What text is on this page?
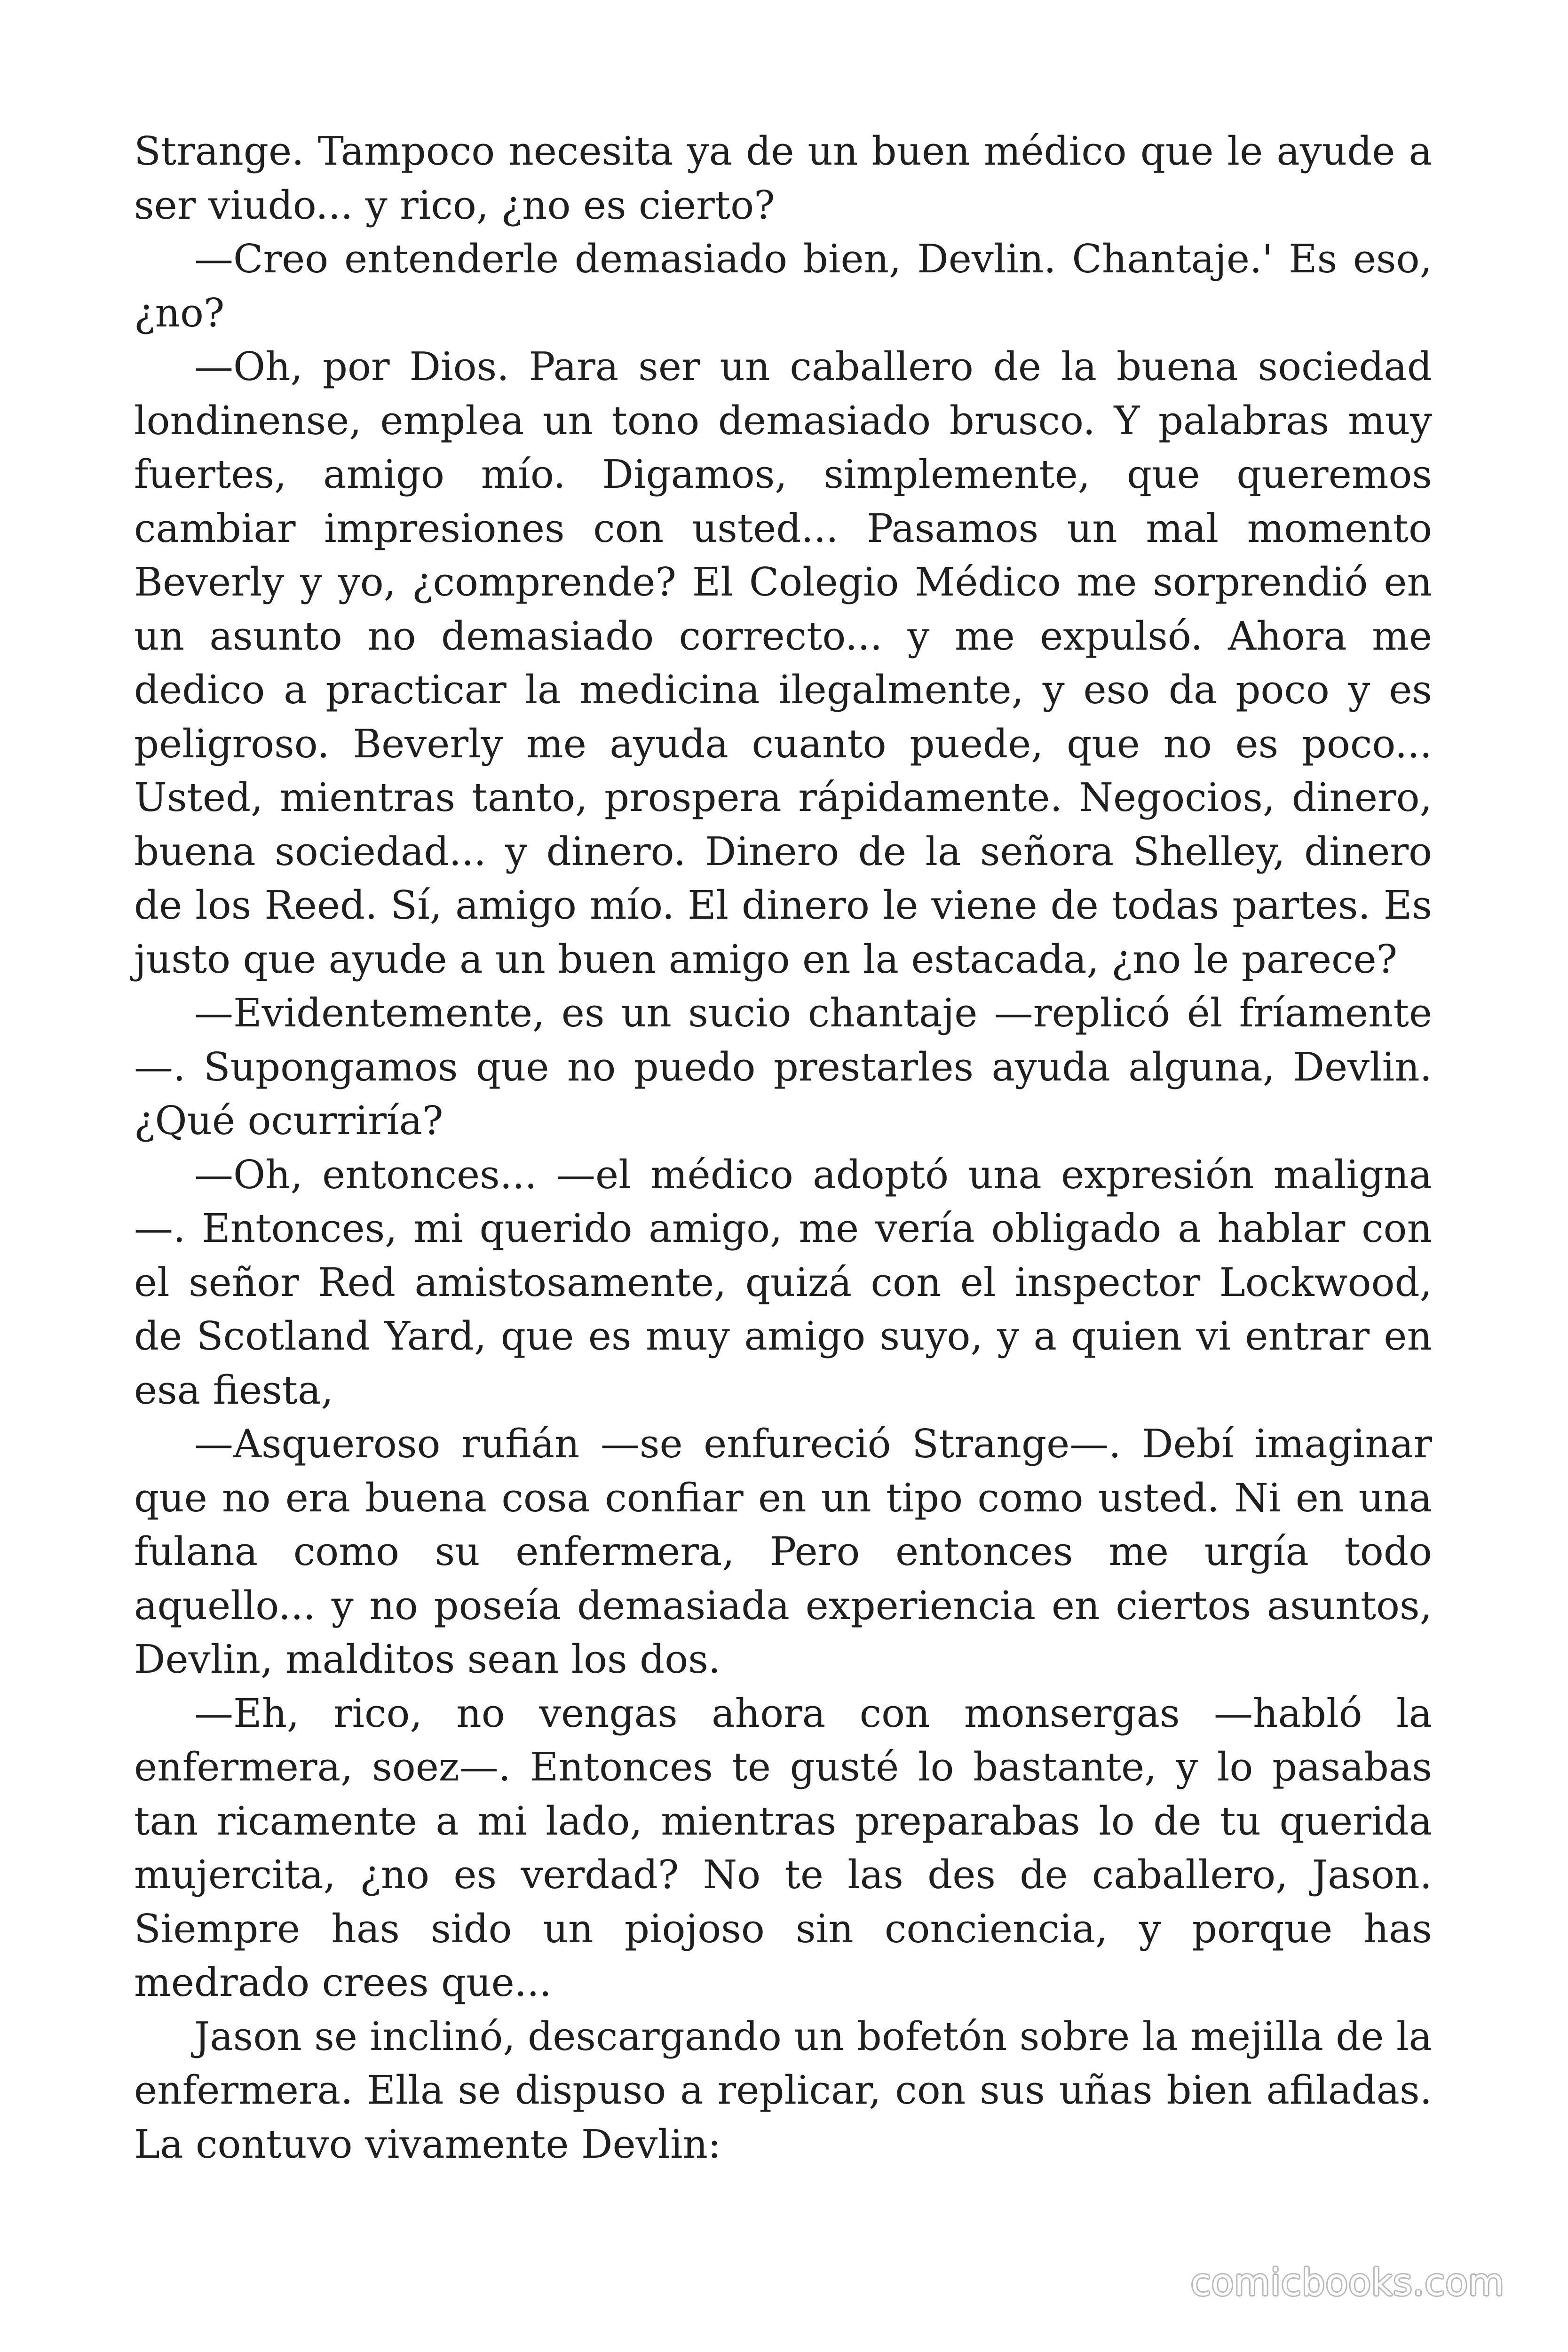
Strange. Tampoco necesita ya de un buen médico que le ayude a ser viudo... y rico, ¿no es cierto?

—Creo entenderle demasiado bien, Devlin. Chantaje.' Es eso, ¿no?

—Oh, por Dios. Para ser un caballero de la buena sociedad londinense, emplea un tono demasiado brusco. Y palabras muy fuertes, amigo mío. Digamos, simplemente, que queremos cambiar impresiones con usted... Pasamos un mal momento Beverly y yo, ¿comprende? El Colegio Médico me sorprendió en un asunto no demasiado correcto... y me expulsó. Ahora me dedico a practicar la medicina ilegalmente, y eso da poco y es peligroso. Beverly me ayuda cuanto puede, que no es poco... Usted, mientras tanto, prospera rápidamente. Negocios, dinero, buena sociedad... y dinero. Dinero de la señora Shelley, dinero de los Reed. Sí, amigo mío. El dinero le viene de todas partes. Es justo que ayude a un buen amigo en la estacada, ¿no le parece?

—Evidentemente, es un sucio chantaje —replicó él fríamente—. Supongamos que no puedo prestarles ayuda alguna, Devlin. ¿Qué ocurriría?

—Oh, entonces... —el médico adoptó una expresión maligna—. Entonces, mi querido amigo, me vería obligado a hablar con el señor Red amistosamente, quizá con el inspector Lockwood, de Scotland Yard, que es muy amigo suyo, y a quien vi entrar en esa fiesta,

—Asqueroso rufián —se enfureció Strange—. Debí imaginar que no era buena cosa confiar en un tipo como usted. Ni en una fulana como su enfermera, Pero entonces me urgía todo aquello... y no poseía demasiada experiencia en ciertos asuntos, Devlin, malditos sean los dos.

—Eh, rico, no vengas ahora con monsergas —habló la enfermera, soez—. Entonces te gusté lo bastante, y lo pasabas tan ricamente a mi lado, mientras preparabas lo de tu querida mujercita, ¿no es verdad? No te las des de caballero, Jason. Siempre has sido un piojoso sin conciencia, y porque has medrado crees que...

Jason se inclinó, descargando un bofetón sobre la mejilla de la enfermera. Ella se dispuso a replicar, con sus uñas bien afiladas. La contuvo vivamente Devlin:

comicbooks.com
